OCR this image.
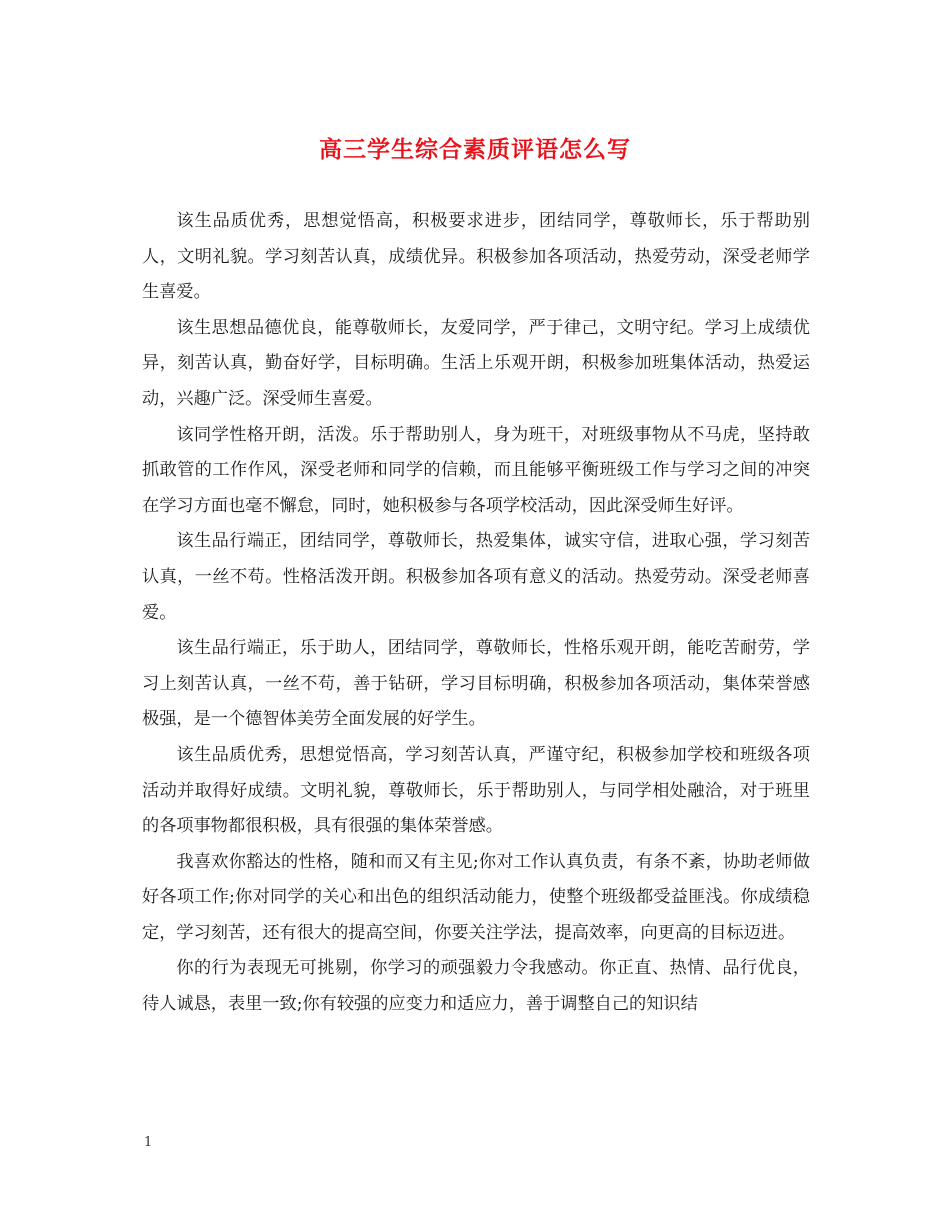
高三学生综合素质评语怎么写

该生品质优秀，思想觉悟高，积极要求进步，团结同学，尊敬师长，乐于帮助别人，文明礼貌。学习刻苦认真，成绩优异。积极参加各项活动，热爱劳动，深受老师学生喜爱。

该生思想品德优良，能尊敬师长，友爱同学，严于律己，文明守纪。学习上成绩优异，刻苦认真，勤奋好学，目标明确。生活上乐观开朗，积极参加班集体活动，热爱运动，兴趣广泛。深受师生喜爱。

该同学性格开朗，活泼。乐于帮助别人，身为班干，对班级事物从不马虎，坚持敢抓敢管的工作作风，深受老师和同学的信赖，而且能够平衡班级工作与学习之间的冲突在学习方面也毫不懈怠，同时，她积极参与各项学校活动，因此深受师生好评。

该生品行端正，团结同学，尊敬师长，热爱集体，诚实守信，进取心强，学习刻苦认真，一丝不苟。性格活泼开朗。积极参加各项有意义的活动。热爱劳动。深受老师喜爱。

该生品行端正，乐于助人，团结同学，尊敬师长，性格乐观开朗，能吃苦耐劳，学习上刻苦认真，一丝不苟，善于钻研，学习目标明确，积极参加各项活动，集体荣誉感极强，是一个德智体美劳全面发展的好学生。

该生品质优秀，思想觉悟高，学习刻苦认真，严谨守纪，积极参加学校和班级各项活动并取得好成绩。文明礼貌，尊敬师长，乐于帮助别人，与同学相处融洽，对于班里的各项事物都很积极，具有很强的集体荣誉感。

我喜欢你豁达的性格，随和而又有主见;你对工作认真负责，有条不紊，协助老师做好各项工作;你对同学的关心和出色的组织活动能力，使整个班级都受益匪浅。你成绩稳定，学习刻苦，还有很大的提高空间，你要关注学法，提高效率，向更高的目标迈进。

你的行为表现无可挑剔，你学习的顽强毅力令我感动。你正直、热情、品行优良，待人诚恳，表里一致;你有较强的应变力和适应力，善于调整自己的知识结

1
